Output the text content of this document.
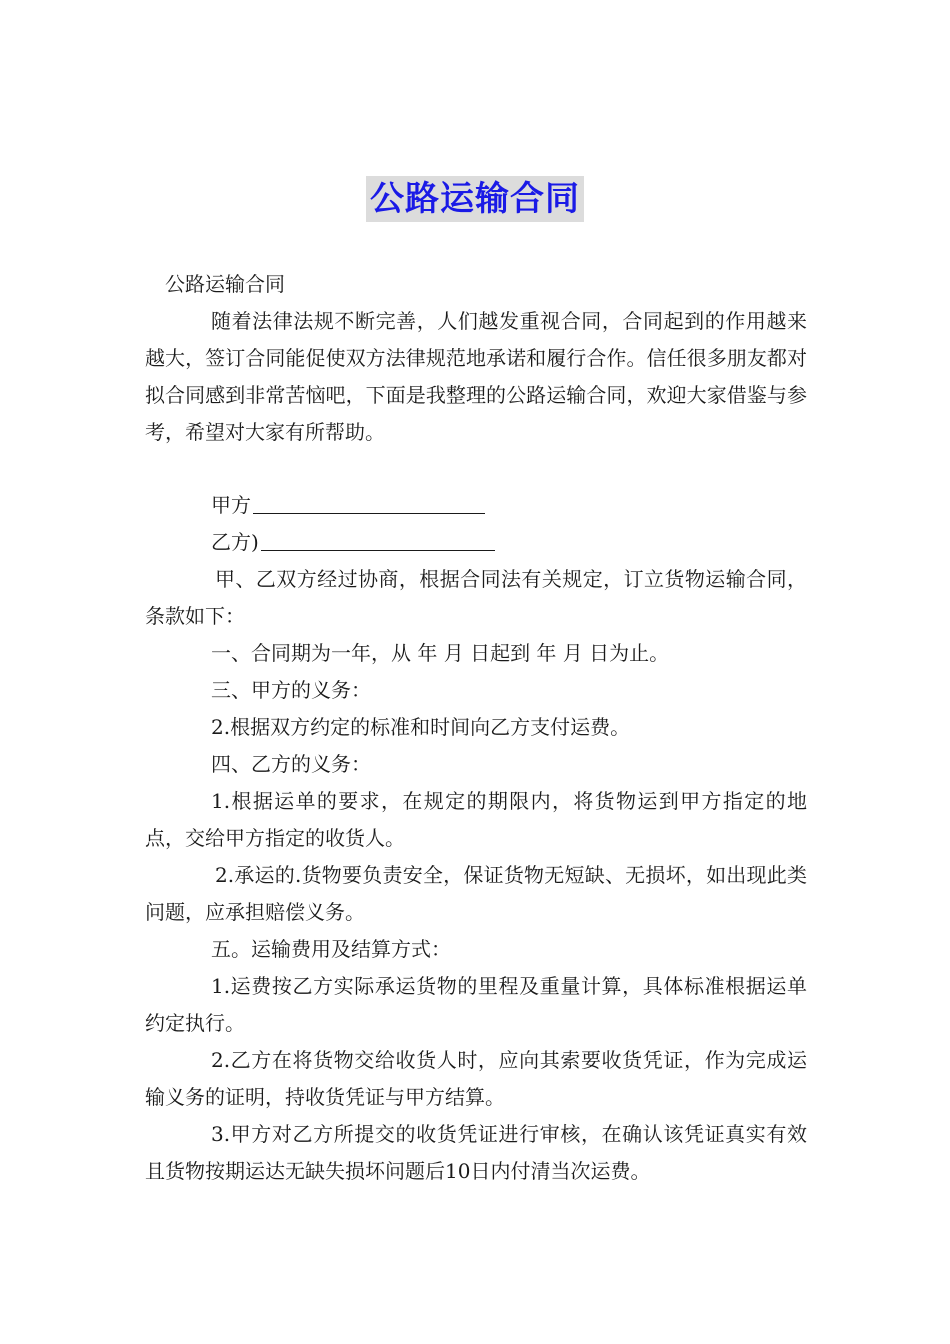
公路运输合同

公路运输合同

随着法律法规不断完善，人们越发重视合同，合同起到的作用越来越大，签订合同能促使双方法律规范地承诺和履行合作。信任很多朋友都对拟合同感到非常苦恼吧，下面是我整理的公路运输合同，欢迎大家借鉴与参考，希望对大家有所帮助。

甲方

乙方)

甲、乙双方经过协商，根据合同法有关规定，订立货物运输合同，条款如下：

一、合同期为一年，从 年 月 日起到 年 月 日为止。

三、甲方的义务：

2.根据双方约定的标准和时间向乙方支付运费。

四、乙方的义务：

1.根据运单的要求，在规定的期限内，将货物运到甲方指定的地点，交给甲方指定的收货人。

2.承运的.货物要负责安全，保证货物无短缺、无损坏，如出现此类问题，应承担赔偿义务。

五。运输费用及结算方式：

1.运费按乙方实际承运货物的里程及重量计算，具体标准根据运单约定执行。

2.乙方在将货物交给收货人时，应向其索要收货凭证，作为完成运输义务的证明，持收货凭证与甲方结算。

3.甲方对乙方所提交的收货凭证进行审核，在确认该凭证真实有效且货物按期运达无缺失损坏问题后10日内付清当次运费。
